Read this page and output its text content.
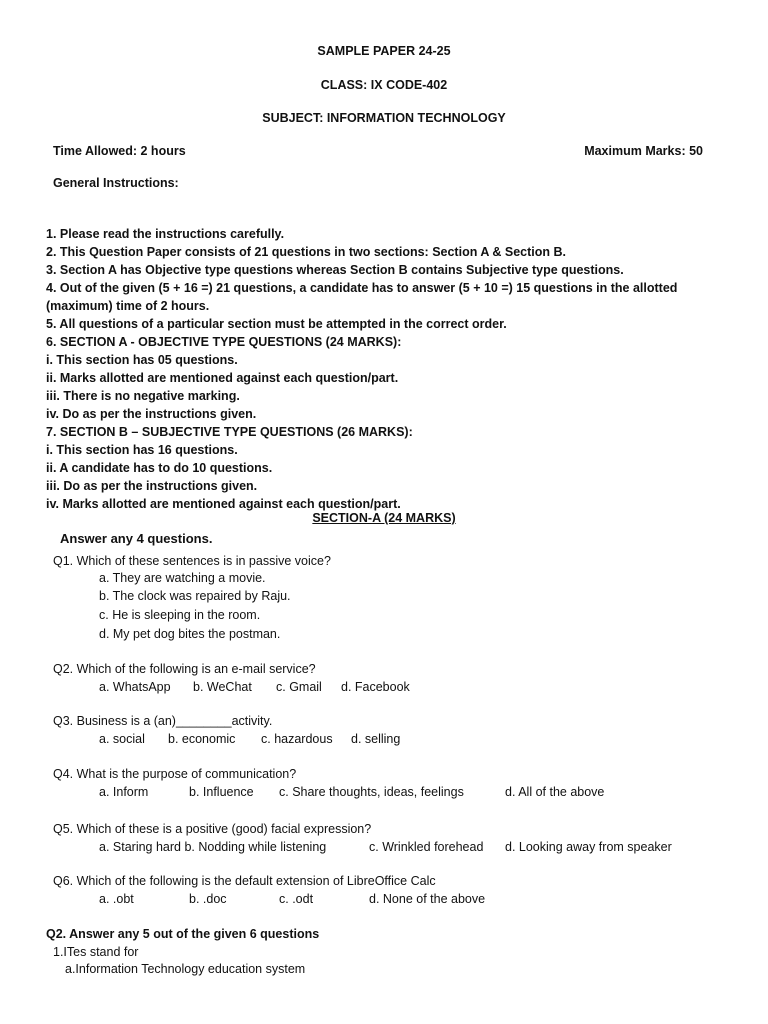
SAMPLE PAPER 24-25
CLASS: IX CODE-402
SUBJECT: INFORMATION TECHNOLOGY
Time Allowed: 2 hours	Maximum Marks: 50
General Instructions:
1. Please read the instructions carefully.
2. This Question Paper consists of 21 questions in two sections: Section A & Section B.
3. Section A has Objective type questions whereas Section B contains Subjective type questions.
4. Out of the given (5 + 16 =) 21 questions, a candidate has to answer (5 + 10 =) 15 questions in the allotted
(maximum) time of 2 hours.
5. All questions of a particular section must be attempted in the correct order.
6. SECTION A - OBJECTIVE TYPE QUESTIONS (24 MARKS):
i. This section has 05 questions.
ii. Marks allotted are mentioned against each question/part.
iii. There is no negative marking.
iv. Do as per the instructions given.
7. SECTION B – SUBJECTIVE TYPE QUESTIONS (26 MARKS):
i. This section has 16 questions.
ii. A candidate has to do 10 questions.
iii. Do as per the instructions given.
iv. Marks allotted are mentioned against each question/part.
SECTION-A (24 MARKS)
Answer any 4 questions.
Q1. Which of these sentences is in passive voice?
a. They are watching a movie.
b. The clock was repaired by Raju.
c. He is sleeping in the room.
d. My pet dog bites the postman.
Q2. Which of the following is an e-mail service?
a. WhatsApp b. WeChat c. Gmail d. Facebook
Q3. Business is a (an)________activity.
a. social b. economic c. hazardous d. selling
Q4. What is the purpose of communication?
a. Inform	b. Influence c. Share thoughts, ideas, feelings	d. All of the above
Q5. Which of these is a positive (good) facial expression?
a. Staring hard b. Nodding while listening	c. Wrinkled forehead d. Looking away from speaker
Q6. Which of the following is the default extension of LibreOffice Calc
a. .obt	b. .doc	c. .odt	d. None of the above
Q2. Answer any 5 out of the given 6 questions
1.ITes stand for
a.Information Technology education system
